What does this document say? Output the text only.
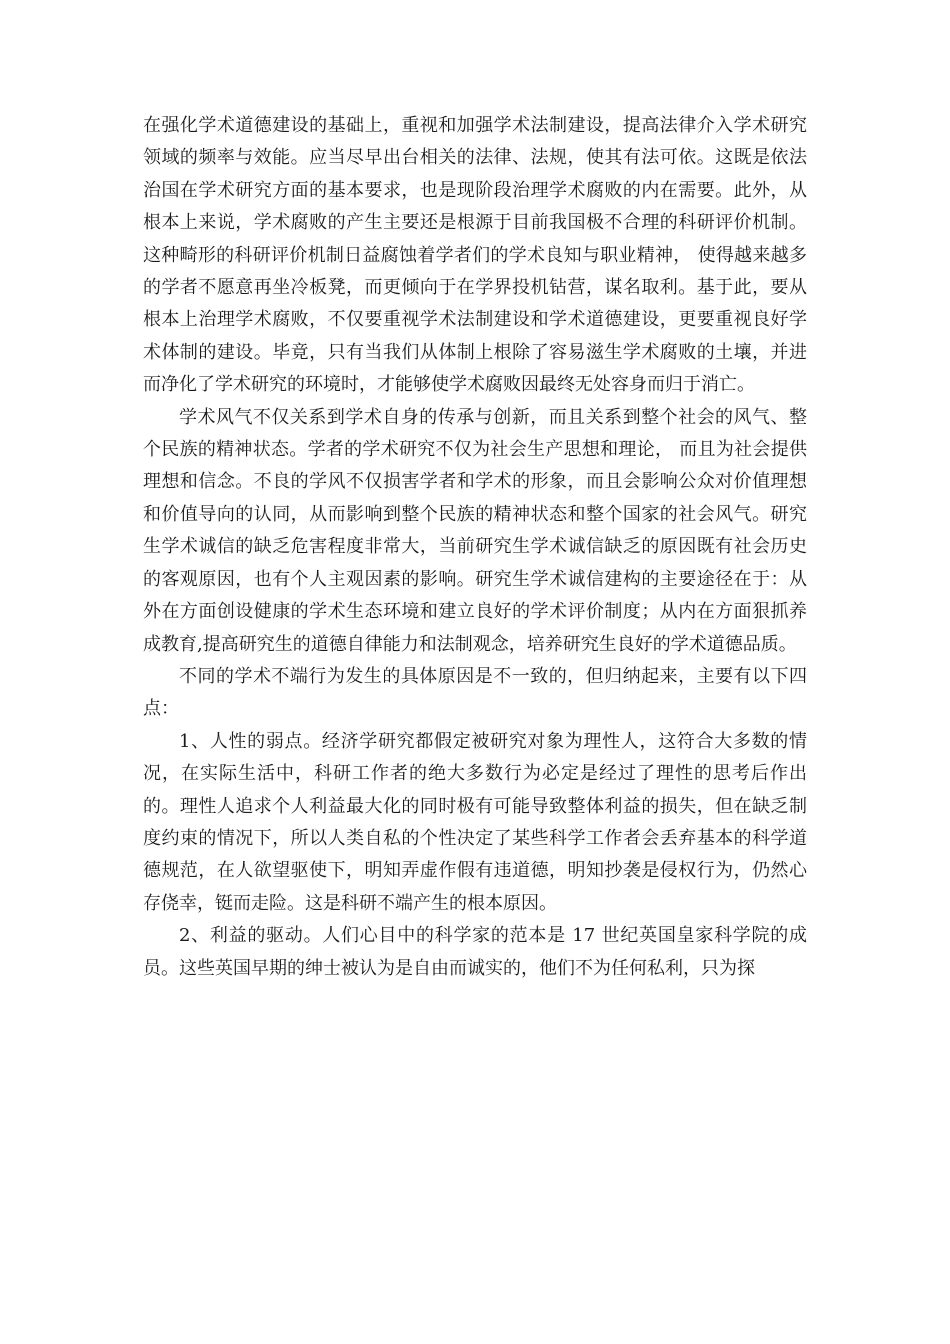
在强化学术道德建设的基础上，重视和加强学术法制建设，提高法律介入学术研究领域的频率与效能。应当尽早出台相关的法律、法规，使其有法可依。这既是依法治国在学术研究方面的基本要求，也是现阶段治理学术腐败的内在需要。此外，从根本上来说，学术腐败的产生主要还是根源于目前我国极不合理的科研评价机制。这种畸形的科研评价机制日益腐蚀着学者们的学术良知与职业精神， 使得越来越多的学者不愿意再坐冷板凳，而更倾向于在学界投机钻营，谋名取利。基于此，要从根本上治理学术腐败，不仅要重视学术法制建设和学术道德建设，更要重视良好学术体制的建设。毕竟，只有当我们从体制上根除了容易滋生学术腐败的土壤，并进而净化了学术研究的环境时，才能够使学术腐败因最终无处容身而归于消亡。

学术风气不仅关系到学术自身的传承与创新，而且关系到整个社会的风气、整个民族的精神状态。学者的学术研究不仅为社会生产思想和理论， 而且为社会提供理想和信念。不良的学风不仅损害学者和学术的形象，而且会影响公众对价值理想和价值导向的认同，从而影响到整个民族的精神状态和整个国家的社会风气。研究生学术诚信的缺乏危害程度非常大，当前研究生学术诚信缺乏的原因既有社会历史的客观原因，也有个人主观因素的影响。研究生学术诚信建构的主要途径在于：从外在方面创设健康的学术生态环境和建立良好的学术评价制度；从内在方面狠抓养成教育,提高研究生的道德自律能力和法制观念，培养研究生良好的学术道德品质。

不同的学术不端行为发生的具体原因是不一致的，但归纳起来，主要有以下四点：

1、人性的弱点。经济学研究都假定被研究对象为理性人，这符合大多数的情况，在实际生活中，科研工作者的绝大多数行为必定是经过了理性的思考后作出的。理性人追求个人利益最大化的同时极有可能导致整体利益的损失，但在缺乏制度约束的情况下，所以人类自私的个性决定了某些科学工作者会丢弃基本的科学道德规范，在人欲望驱使下，明知弄虚作假有违道德，明知抄袭是侵权行为，仍然心存侥幸，铤而走险。这是科研不端产生的根本原因。

2、利益的驱动。人们心目中的科学家的范本是 17 世纪英国皇家科学院的成员。这些英国早期的绅士被认为是自由而诚实的，他们不为任何私利，只为探
